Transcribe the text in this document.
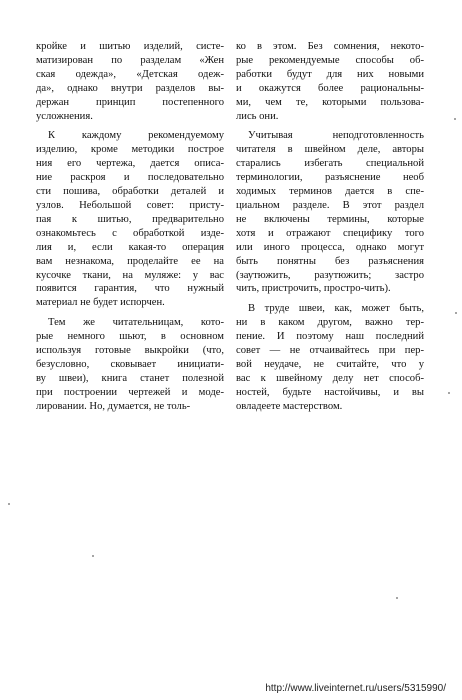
кройке и шитью изделий, систе-
матизирован по разделам «Жен
ская одежда», «Детская одеж-
да», однако внутри разделов вы-
держан принцип постепенного
усложнения.
К каждому рекомендуемому
изделию, кроме методики построе
ния его чертежа, дается описа-
ние раскроя и последовательно
сти пошива, обработки деталей и
узлов. Небольшой совет: присту-
пая к шитью, предварительно
ознакомьтесь с обработкой изде-
лия и, если какая-то операция
вам незнакома, проделайте ее на
кусочке ткани, на муляже: у вас
появится гарантия, что нужный
материал не будет испорчен.
Тем же читательницам, кото-
рые немного шьют, в основном
используя готовые выкройки (что,
безусловно, сковывает инициати-
ву швеи), книга станет полезной
при построении чертежей и моде-
лировании. Но, думается, не толь-
ко в этом. Без сомнения, некото-
рые рекомендуемые способы об-
работки будут для них новыми
и окажутся более рациональны-
ми, чем те, которыми пользова-
лись они.
Учитывая неподготовленность
читателя в швейном деле, авторы
старались избегать специальной
терминологии, разъяснение необ
ходимых терминов дается в спе-
циальном разделе. В этот раздел
не включены термины, которые
хотя и отражают специфику того
или иного процесса, однако могут
быть понятны без разъяснения
(заутюжить, разутюжить; застро
чить, пристрочить, простро-чить).
В труде швеи, как, может быть,
ни в каком другом, важно тер-
пение. И поэтому наш последний
совет — не отчаивайтесь при пер-
вой неудаче, не считайте, что у
вас к швейному делу нет способ-
ностей, будьте настойчивы, и вы
овладеете мастерством.
http://www.liveinternet.ru/users/5315990/
